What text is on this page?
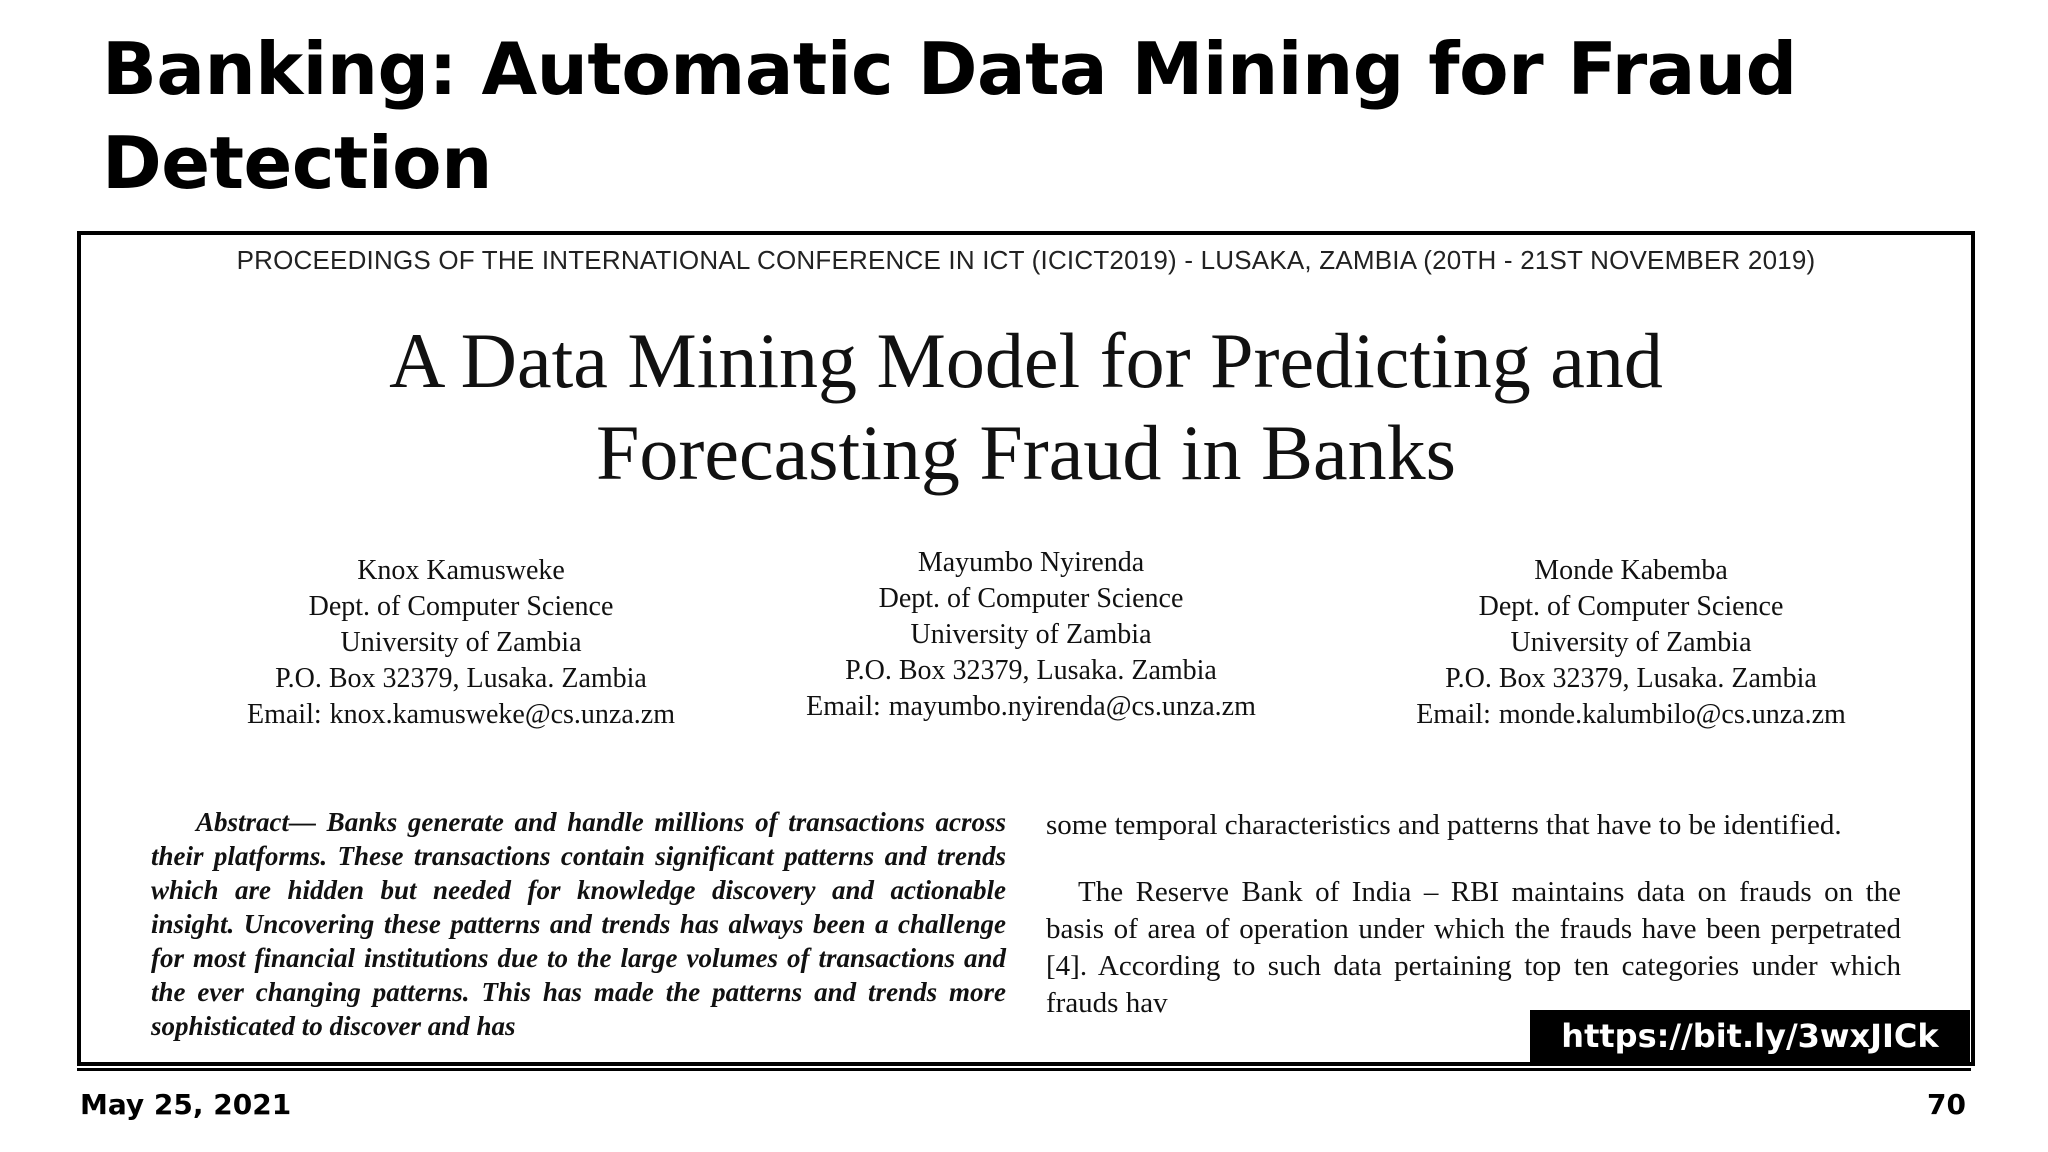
Banking: Automatic Data Mining for Fraud Detection
PROCEEDINGS OF THE INTERNATIONAL CONFERENCE IN ICT (ICICT2019) - LUSAKA, ZAMBIA (20TH - 21ST NOVEMBER 2019)
A Data Mining Model for Predicting and
Forecasting Fraud in Banks
Knox Kamusweke
Dept. of Computer Science
University of Zambia
P.O. Box 32379, Lusaka. Zambia
Email: knox.kamusweke@cs.unza.zm
Mayumbo Nyirenda
Dept. of Computer Science
University of Zambia
P.O. Box 32379, Lusaka. Zambia
Email: mayumbo.nyirenda@cs.unza.zm
Monde Kabemba
Dept. of Computer Science
University of Zambia
P.O. Box 32379, Lusaka. Zambia
Email: monde.kalumbilo@cs.unza.zm
Abstract— Banks generate and handle millions of transactions across their platforms. These transactions contain significant patterns and trends which are hidden but needed for knowledge discovery and actionable insight. Uncovering these patterns and trends has always been a challenge for most financial institutions due to the large volumes of transactions and the ever changing patterns. This has made the patterns and trends more sophisticated to discover and has

some temporal characteristics and patterns that have to be identified.

The Reserve Bank of India – RBI maintains data on frauds on the basis of area of operation under which the frauds have been perpetrated [4]. According to such data pertaining top ten categories under which frauds hav

https://bit.ly/3wxJICk
May 25, 2021	70
